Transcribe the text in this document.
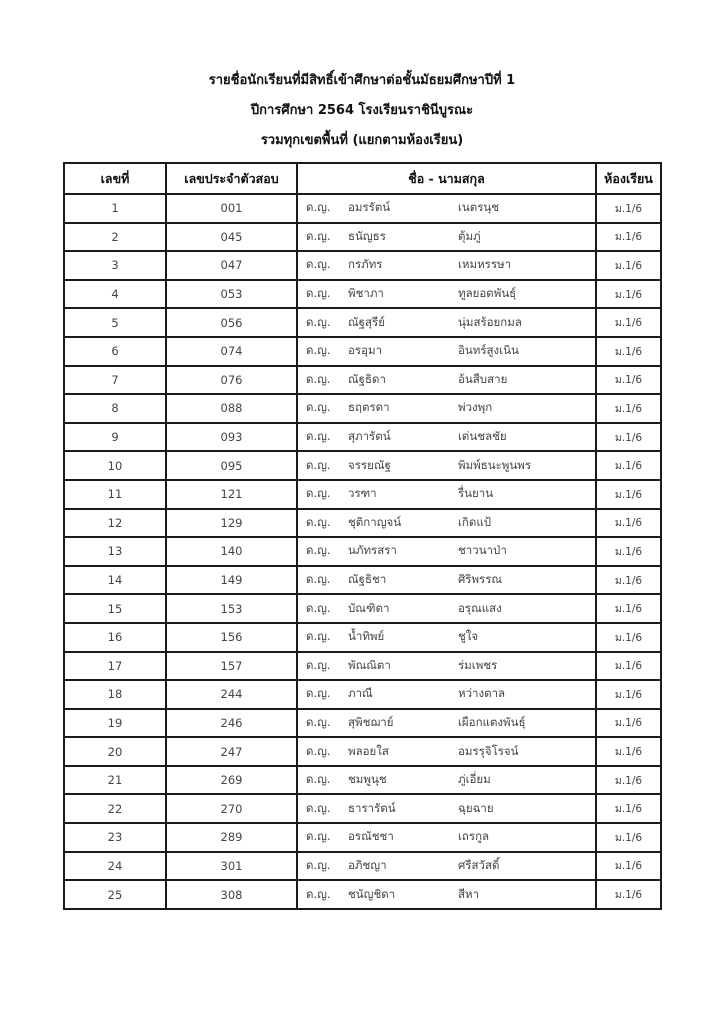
รายชื่อนักเรียนที่มีสิทธิ์เข้าศึกษาต่อชั้นมัธยมศึกษาปีที่ 1
ปีการศึกษา 2564 โรงเรียนราชินีบูรณะ
รวมทุกเขตพื้นที่ (แยกตามห้องเรียน)
เลขที่	เลขประจำตัวสอบ	ชื่อ - นามสกุล	ห้องเรียน
1	001	ด.ญ. อมรรัตน์ เนตรนุช	ม.1/6
2	045	ด.ญ. ธนัญธร ตุ้มภู่	ม.1/6
3	047	ด.ญ. กรภัทร เหมหรรษา	ม.1/6
4	053	ด.ญ. พิชาภา ทูลยอดพันธุ์	ม.1/6
5	056	ด.ญ. ณัฐสุรีย์ นุ่มสร้อยกมล	ม.1/6
6	074	ด.ญ. อรอุมา อินทร์สูงเนิน	ม.1/6
7	076	ด.ญ. ณัฐธิดา อ้นสืบสาย	ม.1/6
8	088	ด.ญ. ธฤตรดา พ่วงพุก	ม.1/6
9	093	ด.ญ. สุภารัตน์ เด่นชลชัย	ม.1/6
10	095	ด.ญ. จรรยณัฐ พิมพ์ธนะพูนพร	ม.1/6
11	121	ด.ญ. วรฑา รื่นยาน	ม.1/6
12	129	ด.ญ. ชุติกาญจน์ เกิดแป้	ม.1/6
13	140	ด.ญ. นภัทรสรา ชาวนาป่า	ม.1/6
14	149	ด.ญ. ณัฐธิชา ศิริพรรณ	ม.1/6
15	153	ด.ญ. บัณฑิตา อรุณแสง	ม.1/6
16	156	ด.ญ. น้ำทิพย์ ชูใจ	ม.1/6
17	157	ด.ญ. พัณณิตา ร่มเพชร	ม.1/6
18	244	ด.ญ. ภาณี หว่างตาล	ม.1/6
19	246	ด.ญ. สุพิชฌาย์ เผือกแตงพันธุ์	ม.1/6
20	247	ด.ญ. พลอยใส อมรรุจิโรจน์	ม.1/6
21	269	ด.ญ. ชมพูนุช ภู่เอี่ยม	ม.1/6
22	270	ด.ญ. ธารารัตน์ ฉุยฉาย	ม.1/6
23	289	ด.ญ. อรณัชชา เถรกูล	ม.1/6
24	301	ด.ญ. อภิชญา ศรีสวัสดิ์	ม.1/6
25	308	ด.ญ. ชนัญชิดา สีหา	ม.1/6
